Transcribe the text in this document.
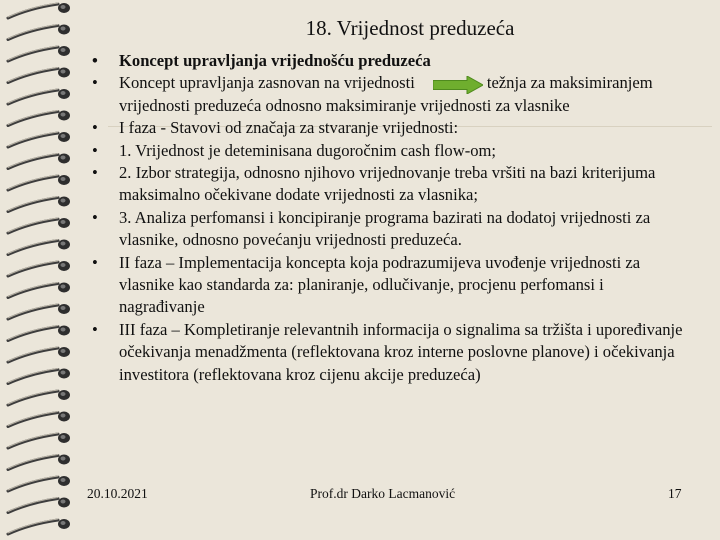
18. Vrijednost preduzeća
• Koncept upravljanja vrijednošću preduzeća
• Koncept upravljanja zasnovan na vrijednosti	težnja za maksimiranjem vrijednosti preduzeća odnosno maksimiranje vrijednosti za vlasnike
• I faza - Stavovi od značaja za stvaranje vrijednosti:
• 1. Vrijednost je deteminisana dugoročnim cash flow-om;
• 2. Izbor strategija, odnosno njihovo vrijednovanje treba vršiti na bazi kriterijuma maksimalno očekivane dodate vrijednosti za vlasnika;
• 3. Analiza perfomansi i koncipiranje programa bazirati na dodatoj vrijednosti za vlasnike, odnosno povećanju vrijednosti preduzeća.
• II faza – Implementacija koncepta koja podrazumijeva uvođenje vrijednosti za vlasnike kao standarda za: planiranje, odlučivanje, procjenu perfomansi i nagrađivanje
• III faza – Kompletiranje relevantnih informacija o signalima sa tržišta i upoređivanje očekivanja menadžmenta (reflektovana kroz interne poslovne planove) i očekivanja investitora (reflektovana kroz cijenu akcije preduzeća)
20.10.2021	Prof.dr Darko Lacmanović	17
